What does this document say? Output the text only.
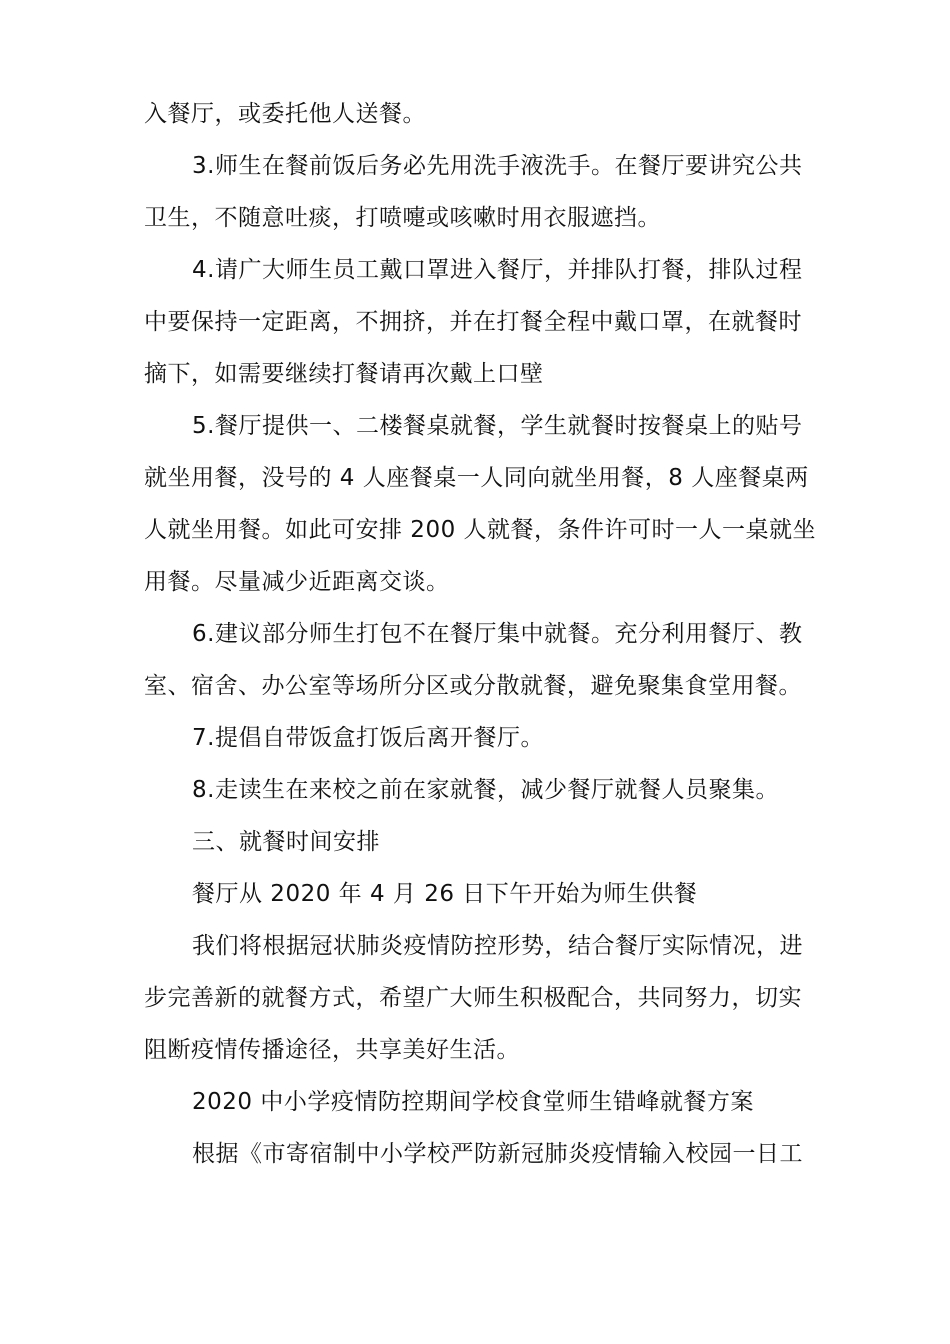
入餐厅，或委托他人送餐。

3.师生在餐前饭后务必先用洗手液洗手。在餐厅要讲究公共
卫生，不随意吐痰，打喷嚏或咳嗽时用衣服遮挡。

4.请广大师生员工戴口罩进入餐厅，并排队打餐，排队过程
中要保持一定距离，不拥挤，并在打餐全程中戴口罩，在就餐时
摘下，如需要继续打餐请再次戴上口壁

5.餐厅提供一、二楼餐桌就餐，学生就餐时按餐桌上的贴号
就坐用餐，没号的 4 人座餐桌一人同向就坐用餐，8 人座餐桌两
人就坐用餐。如此可安排 200 人就餐，条件许可时一人一桌就坐
用餐。尽量减少近距离交谈。

6.建议部分师生打包不在餐厅集中就餐。充分利用餐厅、教
室、宿舍、办公室等场所分区或分散就餐，避免聚集食堂用餐。

7.提倡自带饭盒打饭后离开餐厅。

8.走读生在来校之前在家就餐，减少餐厅就餐人员聚集。

三、就餐时间安排

餐厅从 2020 年 4 月 26 日下午开始为师生供餐

我们将根据冠状肺炎疫情防控形势，结合餐厅实际情况，进
步完善新的就餐方式，希望广大师生积极配合，共同努力，切实
阻断疫情传播途径，共享美好生活。

2020 中小学疫情防控期间学校食堂师生错峰就餐方案

根据《市寄宿制中小学校严防新冠肺炎疫情输入校园一日工
